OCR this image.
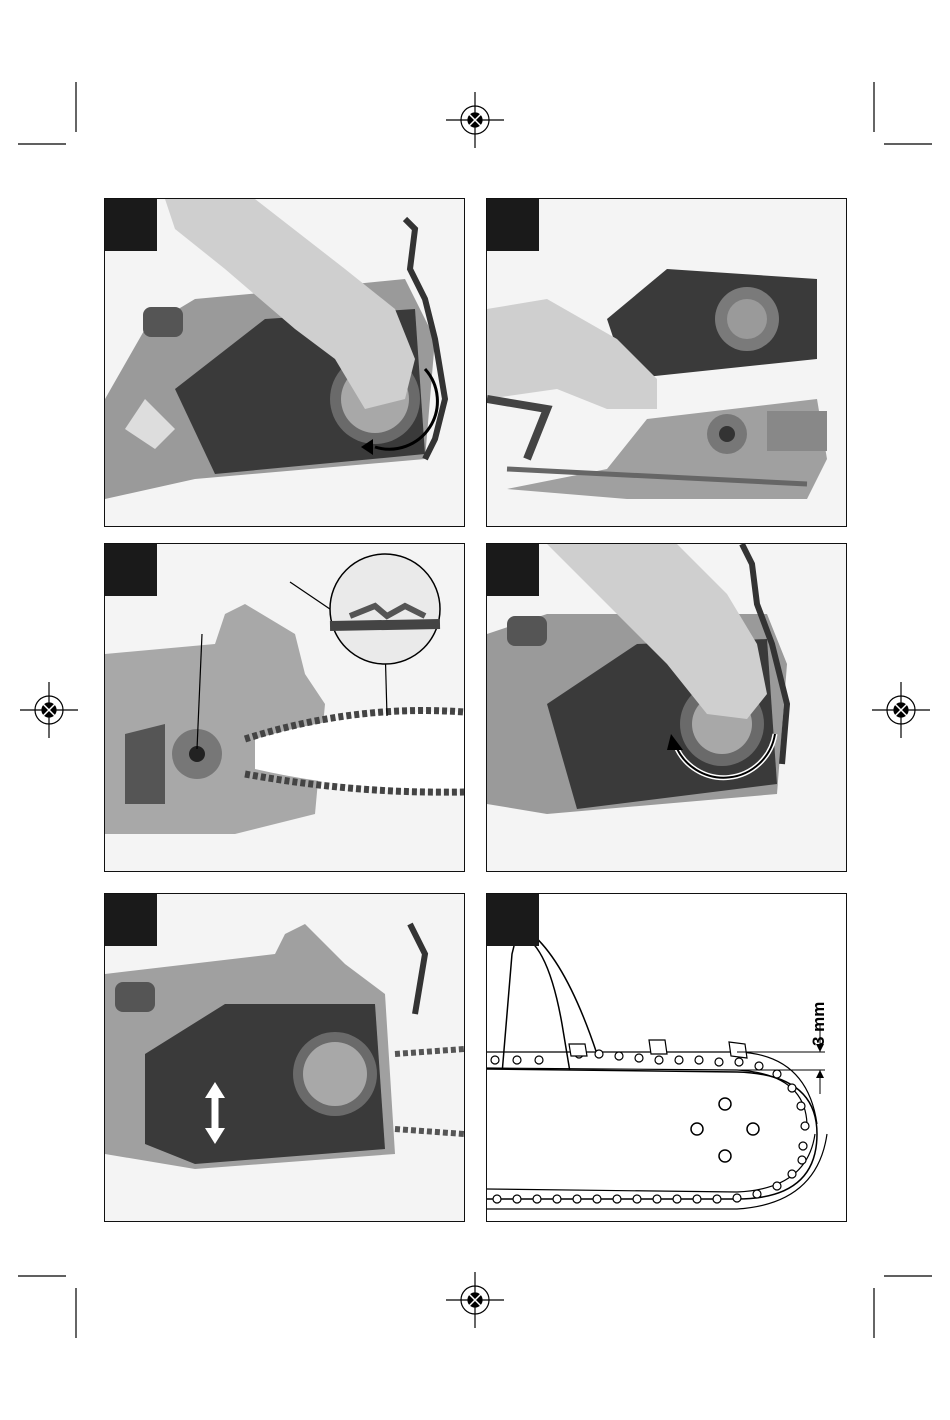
3 mm
